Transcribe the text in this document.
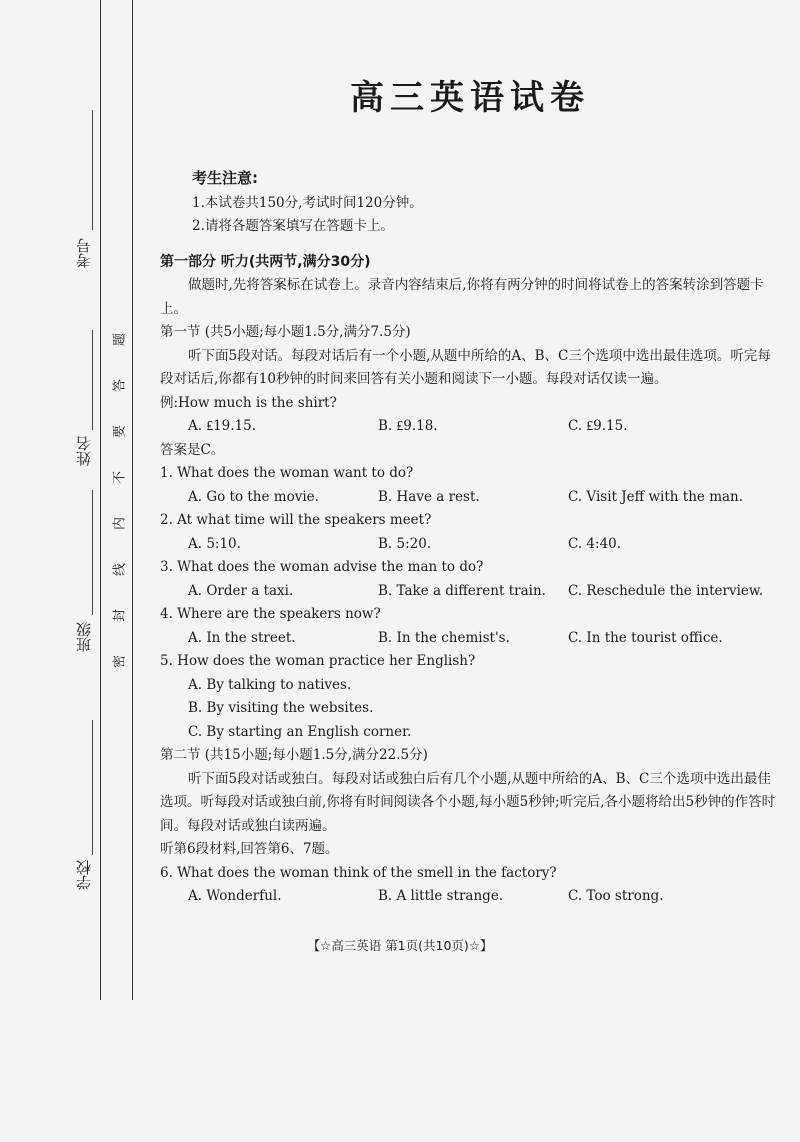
考号
姓名
班级
学校
题
答
要
不
内
线
封
密
高三英语试卷
考生注意:
1.本试卷共150分,考试时间120分钟。
2.请将各题答案填写在答题卡上。
第一部分 听力(共两节,满分30分)
做题时,先将答案标在试卷上。录音内容结束后,你将有两分钟的时间将试卷上的答案转涂到答题卡上。
第一节 (共5小题;每小题1.5分,满分7.5分)
听下面5段对话。每段对话后有一个小题,从题中所给的A、B、C三个选项中选出最佳选项。听完每段对话后,你都有10秒钟的时间来回答有关小题和阅读下一小题。每段对话仅读一遍。
例:How much is the shirt?
A. ₤19.15.	B. ₤9.18.	C. ₤9.15.
答案是C。
1. What does the woman want to do?
A. Go to the movie.	B. Have a rest.	C. Visit Jeff with the man.
2. At what time will the speakers meet?
A. 5:10.	B. 5:20.	C. 4:40.
3. What does the woman advise the man to do?
A. Order a taxi.	B. Take a different train.	C. Reschedule the interview.
4. Where are the speakers now?
A. In the street.	B. In the chemist's.	C. In the tourist office.
5. How does the woman practice her English?
A. By talking to natives.
B. By visiting the websites.
C. By starting an English corner.
第二节 (共15小题;每小题1.5分,满分22.5分)
听下面5段对话或独白。每段对话或独白后有几个小题,从题中所给的A、B、C三个选项中选出最佳选项。听每段对话或独白前,你将有时间阅读各个小题,每小题5秒钟;听完后,各小题将给出5秒钟的作答时间。每段对话或独白读两遍。
听第6段材料,回答第6、7题。
6. What does the woman think of the smell in the factory?
A. Wonderful.	B. A little strange.	C. Too strong.
【☆高三英语 第1页(共10页)☆】
